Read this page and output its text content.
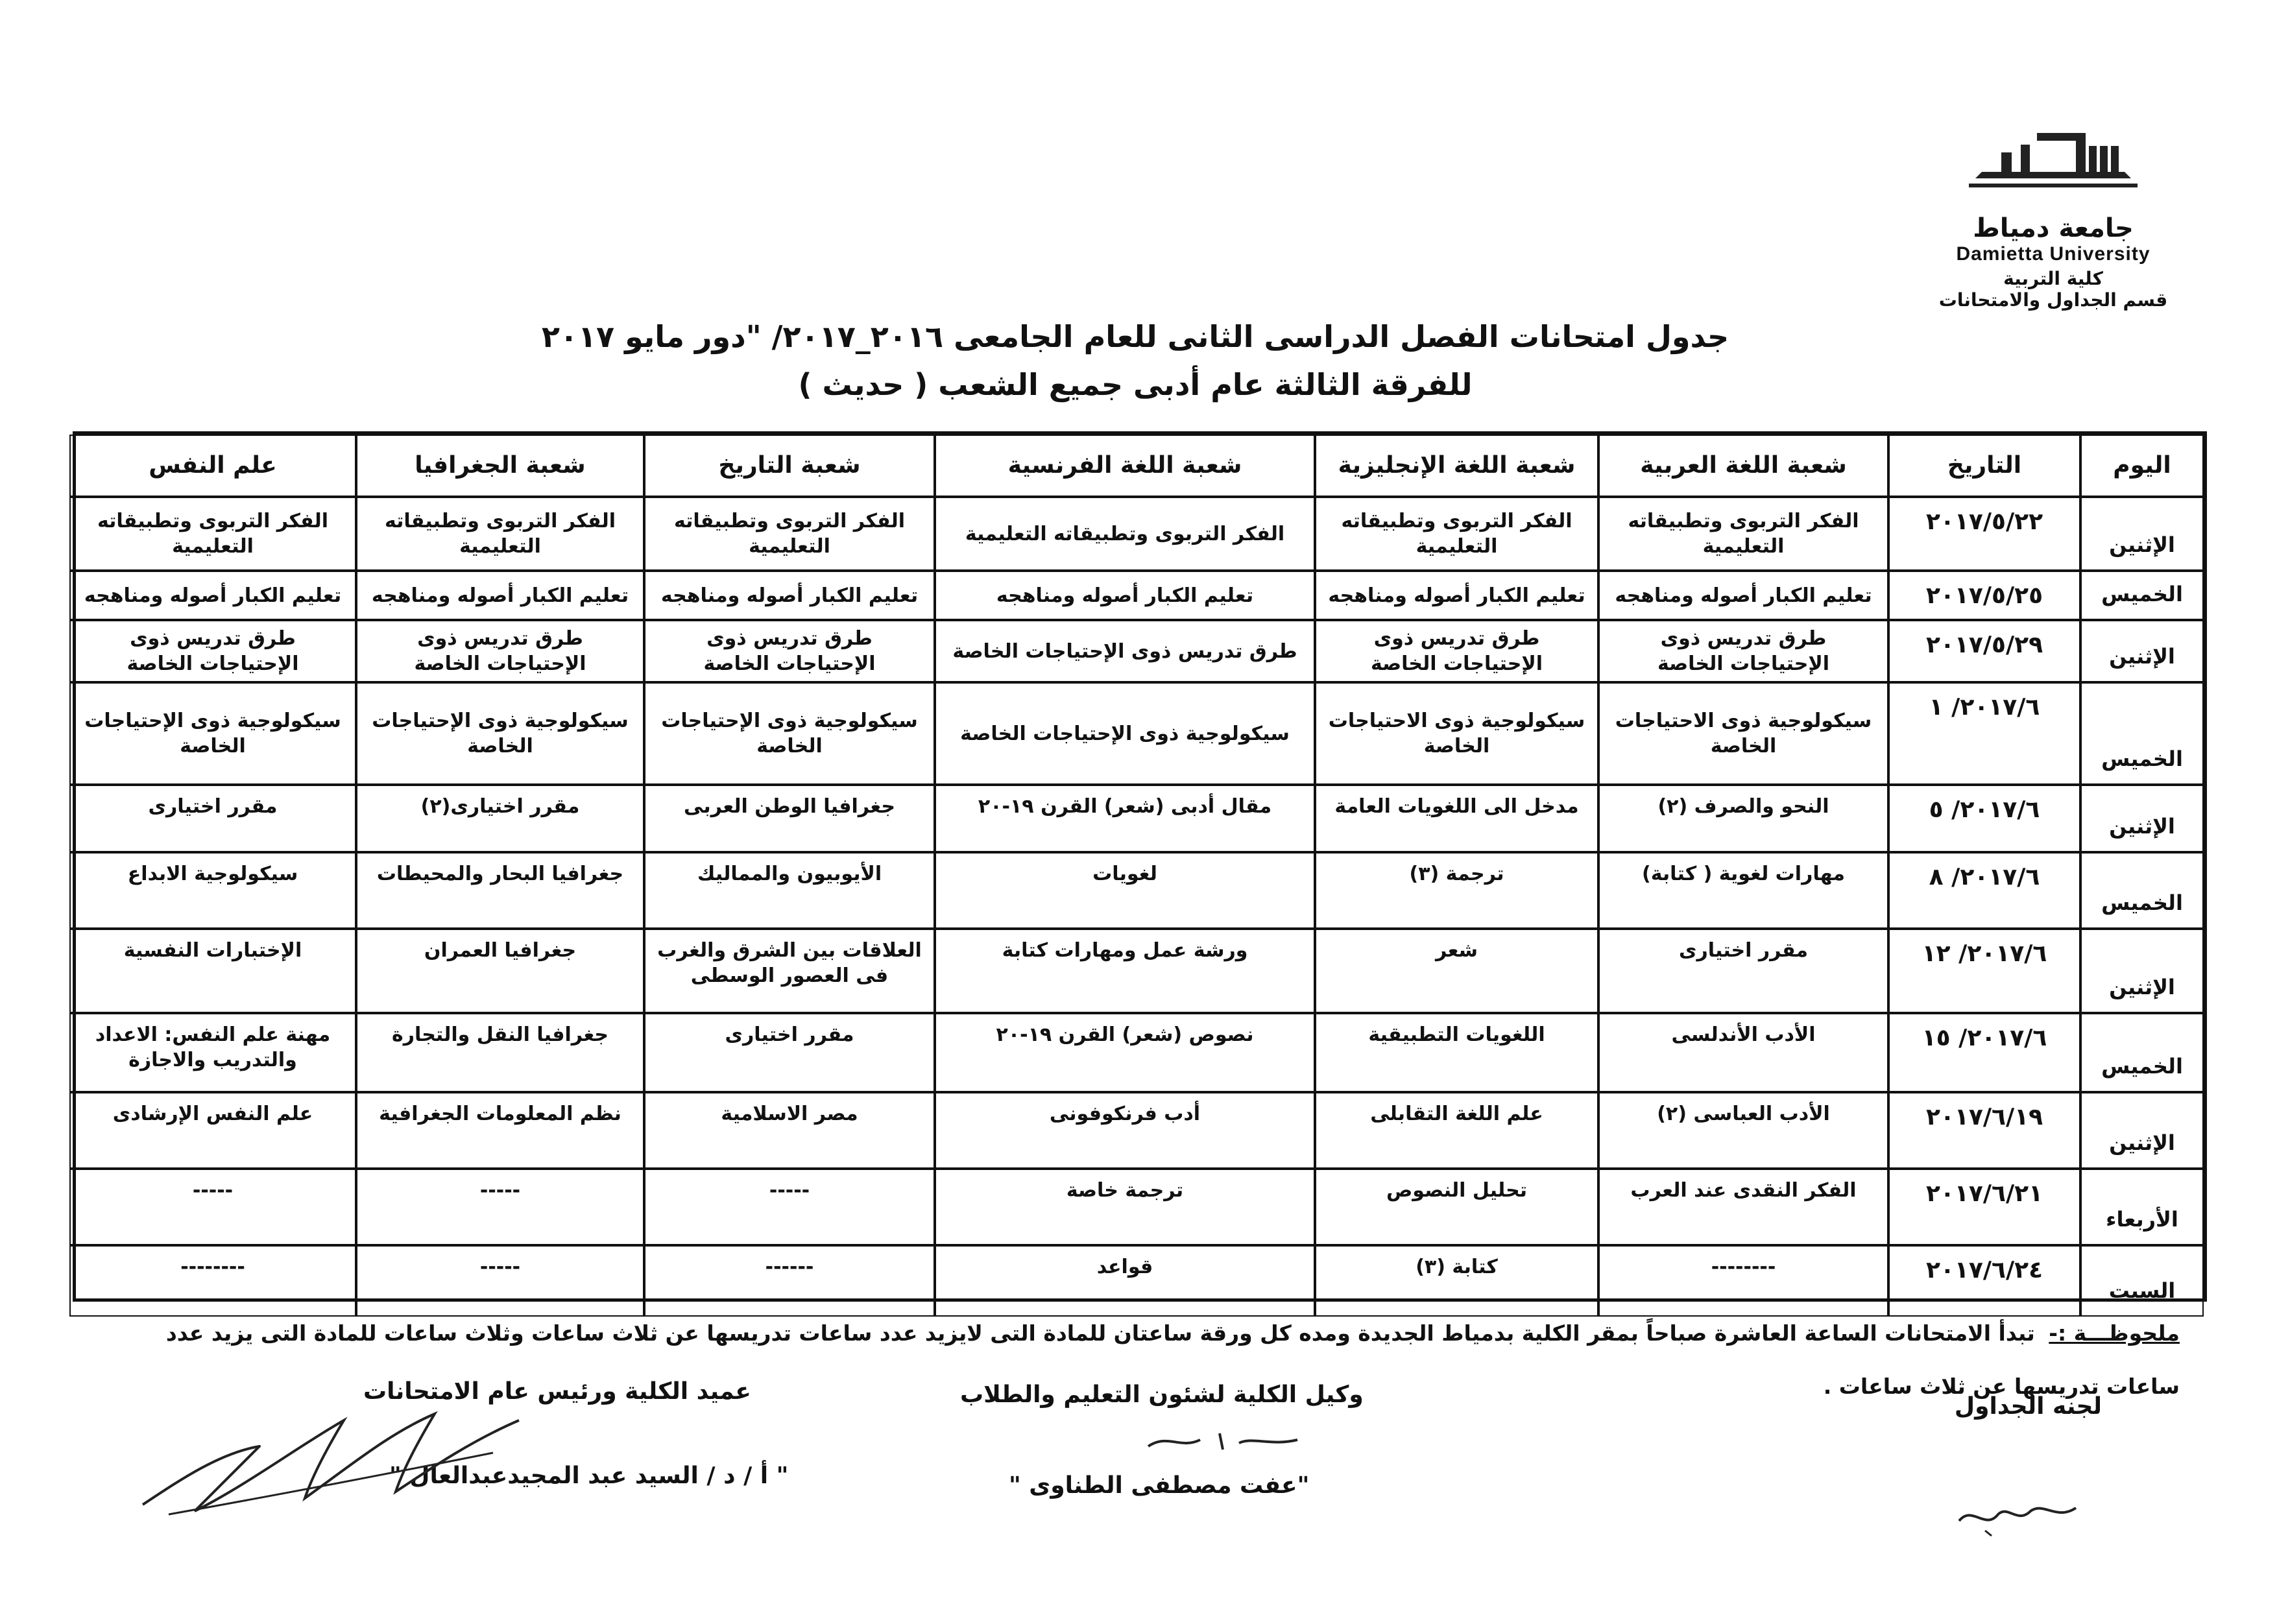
جامعة دمياط
Damietta University
كلية التربية
قسم الجداول والامتحانات
جدول امتحانات الفصل الدراسى الثانى للعام الجامعى ٢٠١٦_٢٠١٧/ "دور مايو ٢٠١٧
للفرقة الثالثة عام أدبى جميع الشعب ( حديث )
اليوم
التاريخ
شعبة اللغة العربية
شعبة اللغة الإنجليزية
شعبة اللغة الفرنسية
شعبة التاريخ
شعبة الجغرافيا
علم النفس
الإثنين
٢٠١٧/٥/٢٢
الفكر التربوى وتطبيقاته التعليمية
الفكر التربوى وتطبيقاته التعليمية
الفكر التربوى وتطبيقاته التعليمية
الفكر التربوى وتطبيقاته التعليمية
الفكر التربوى وتطبيقاته التعليمية
الفكر التربوى وتطبيقاته التعليمية
الخميس
٢٠١٧/٥/٢٥
تعليم الكبار أصوله ومناهجه
تعليم الكبار أصوله ومناهجه
تعليم الكبار أصوله ومناهجه
تعليم الكبار أصوله ومناهجه
تعليم الكبار أصوله ومناهجه
تعليم الكبار أصوله ومناهجه
الإثنين
٢٠١٧/٥/٢٩
طرق تدريس ذوى الإحتياجات الخاصة
طرق تدريس ذوى الإحتياجات الخاصة
طرق تدريس ذوى الإحتياجات الخاصة
طرق تدريس ذوى الإحتياجات الخاصة
طرق تدريس ذوى الإحتياجات الخاصة
طرق تدريس ذوى الإحتياجات الخاصة
الخميس
٢٠١٧/٦/ ١
سيكولوجية ذوى الاحتياجات الخاصة
سيكولوجية ذوى الاحتياجات الخاصة
سيكولوجية ذوى الإحتياجات الخاصة
سيكولوجية ذوى الإحتياجات الخاصة
سيكولوجية ذوى الإحتياجات الخاصة
سيكولوجية ذوى الإحتياجات الخاصة
الإثنين
٢٠١٧/٦/ ٥
النحو والصرف (٢)
مدخل الى اللغويات العامة
مقال أدبى (شعر) القرن ١٩-٢٠
جغرافيا الوطن العربى
مقرر اختيارى(٢)
مقرر اختيارى
الخميس
٢٠١٧/٦/ ٨
مهارات لغوية ( كتابة)
ترجمة (٣)
لغويات
الأيوبيون والمماليك
جغرافيا البحار والمحيطات
سيكولوجية الابداع
الإثنين
٢٠١٧/٦/ ١٢
مقرر اختيارى
شعر
ورشة عمل ومهارات كتابة
العلاقات بين الشرق والغرب فى العصور الوسطى
جغرافيا العمران
الإختبارات النفسية
الخميس
٢٠١٧/٦/ ١٥
الأدب الأندلسى
اللغويات التطبيقية
نصوص (شعر) القرن ١٩-٢٠
مقرر اختيارى
جغرافيا النقل والتجارة
مهنة علم النفس: الاعداد والتدريب والاجازة
الإثنين
٢٠١٧/٦/١٩
الأدب العباسى (٢)
علم اللغة التقابلى
أدب فرنكوفونى
مصر الاسلامية
نظم المعلومات الجغرافية
علم النفس الإرشادى
الأربعاء
٢٠١٧/٦/٢١
الفكر النقدى عند العرب
تحليل النصوص
ترجمة خاصة
-----
-----
-----
السبت
٢٠١٧/٦/٢٤
--------
كتابة (٣)
قواعد
------
-----
--------
ملحوظـــة :- تبدأ الامتحانات الساعة العاشرة صباحاً بمقر الكلية بدمياط الجديدة ومده كل ورقة ساعتان للمادة التى لايزيد عدد ساعات تدريسها عن ثلاث ساعات وثلاث ساعات للمادة التى يزيد عدد ساعات تدريسها عن ثلاث ساعات .
لجنه الجداول
وكيل الكلية لشئون التعليم والطلاب
عميد الكلية ورئيس عام الامتحانات
"عفت مصطفى الطناوى "
" أ / د / السيد عبد المجيدعبدالعال "
